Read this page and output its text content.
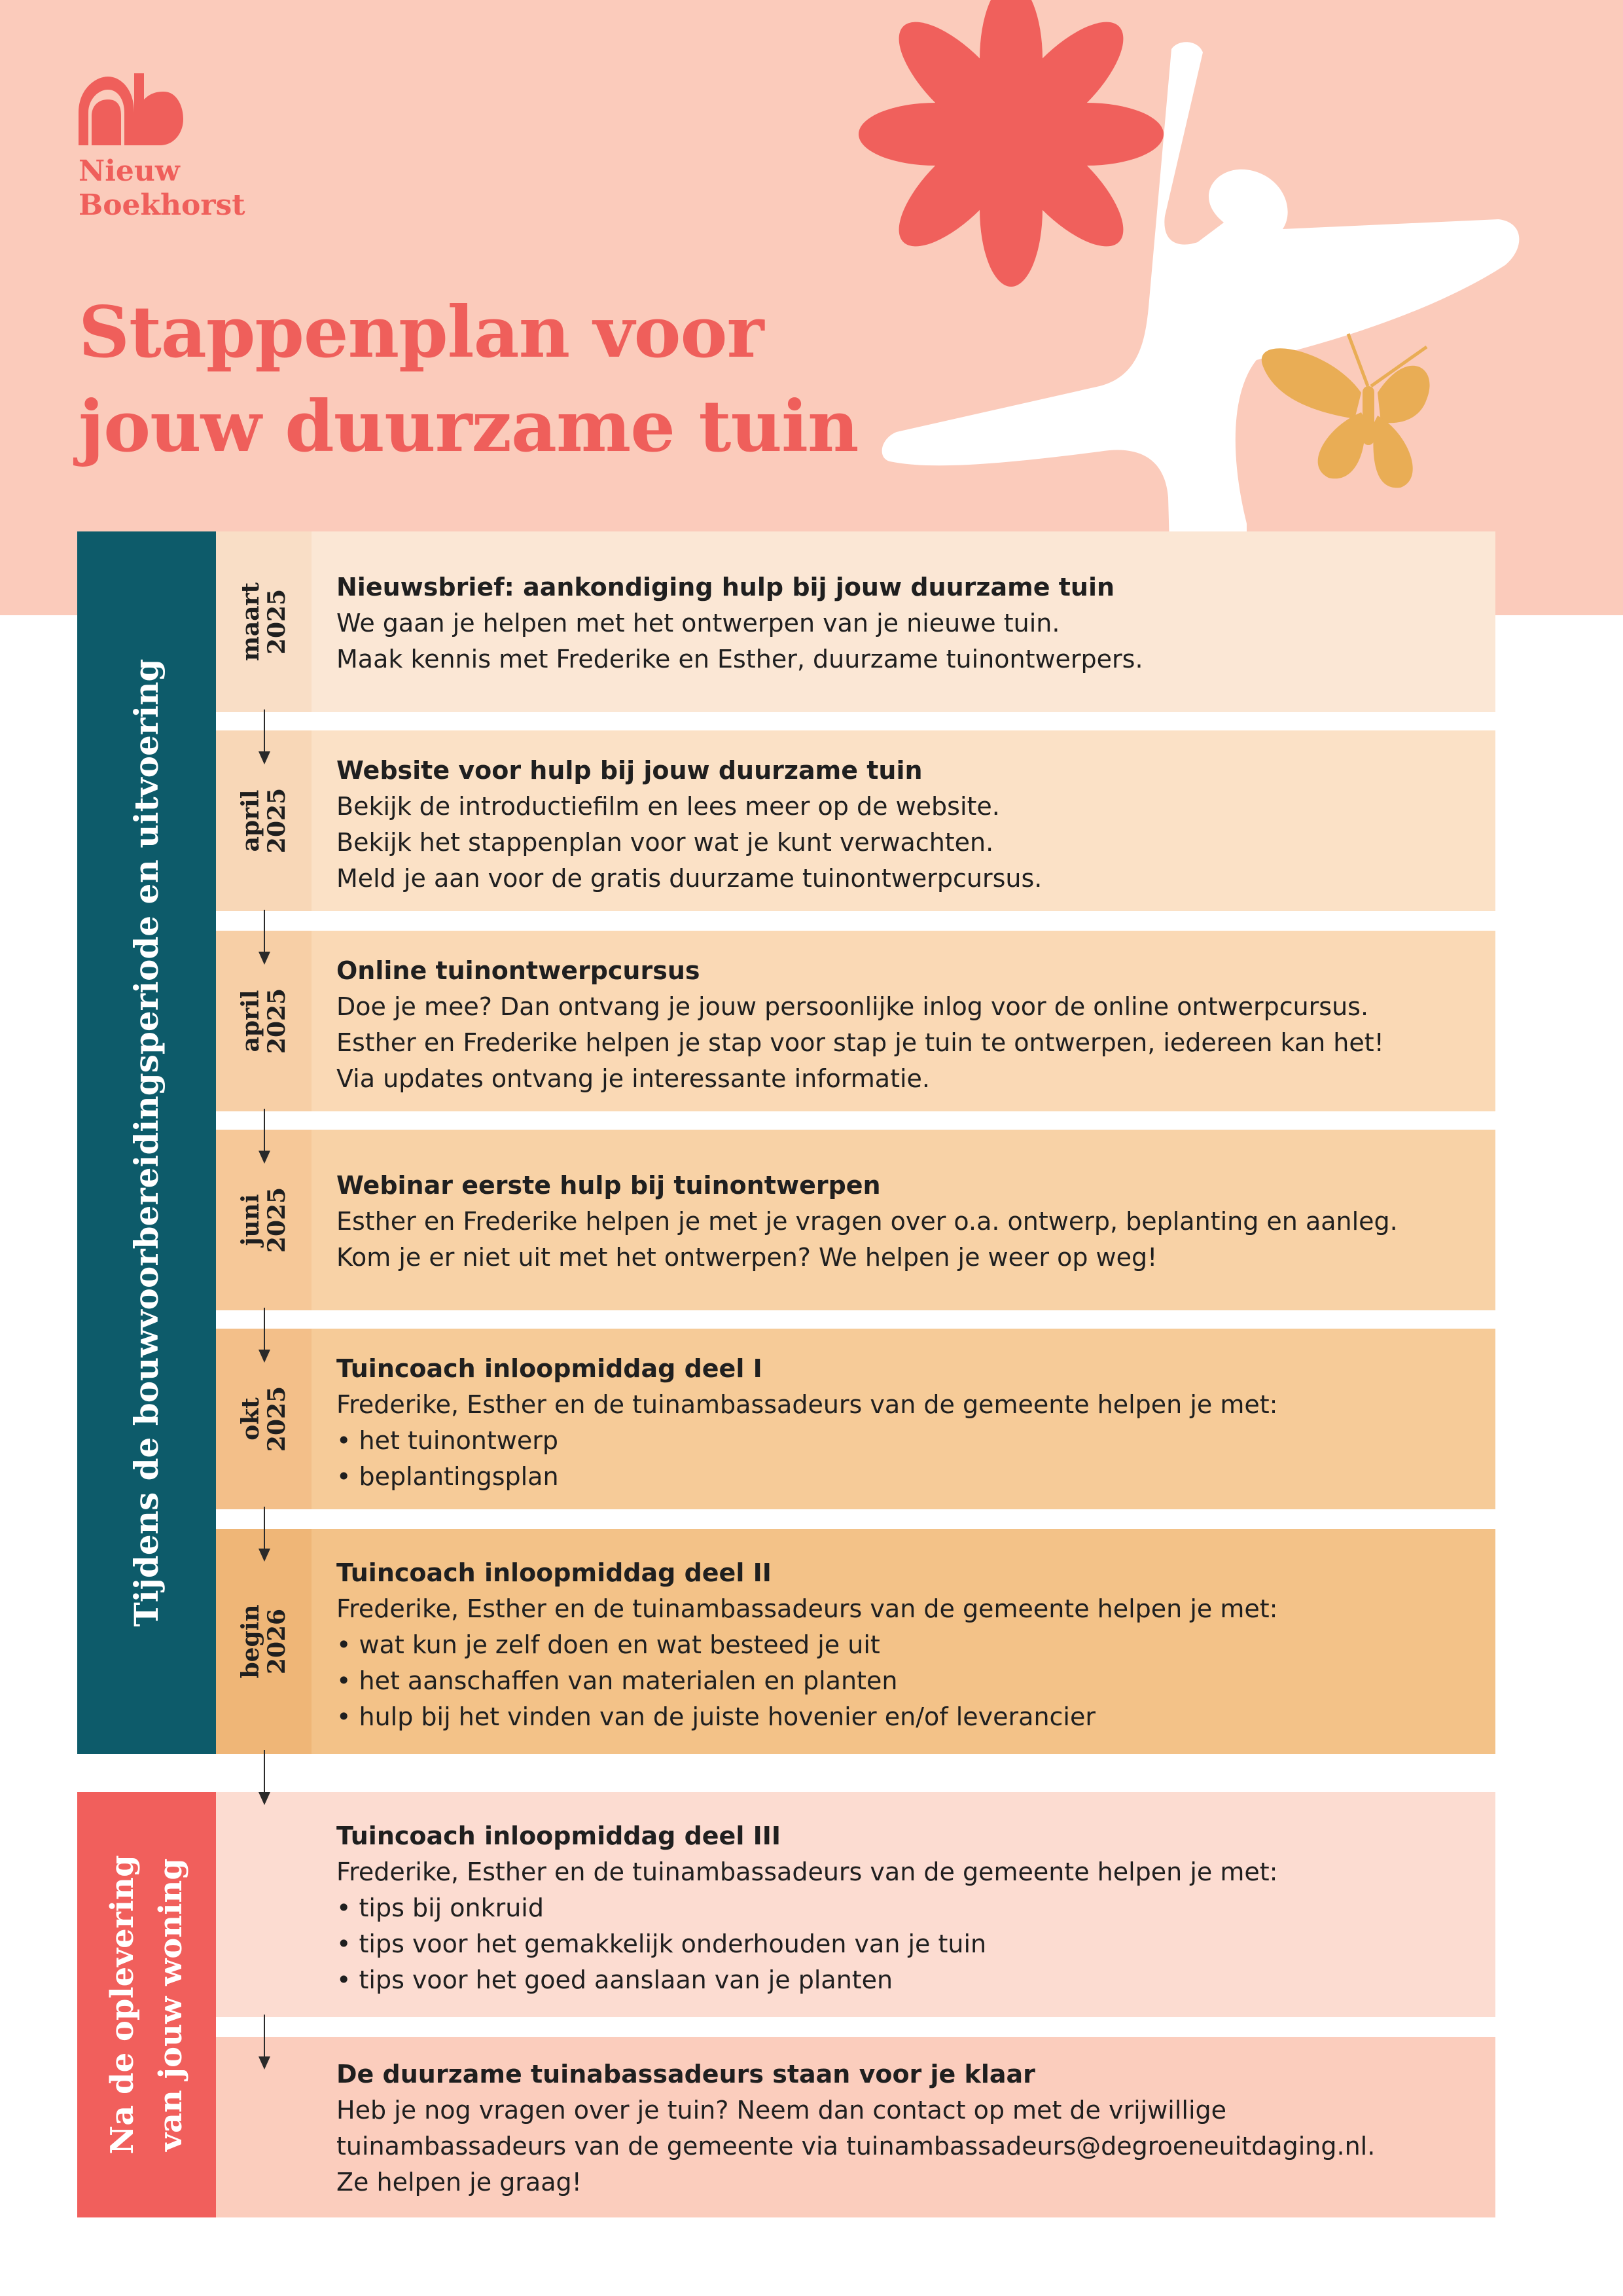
Nieuw
Boekhorst
Stappenplan voor
jouw duurzame tuin
Tijdens de bouwvoorbereidingsperiode en uitvoering
Na de oplevering van jouw woning
maart
2025
Nieuwsbrief: aankondiging hulp bij jouw duurzame tuin
We gaan je helpen met het ontwerpen van je nieuwe tuin.
Maak kennis met Frederike en Esther, duurzame tuinontwerpers.
april
2025
Website voor hulp bij jouw duurzame tuin
Bekijk de introductiefilm en lees meer op de website.
Bekijk het stappenplan voor wat je kunt verwachten.
Meld je aan voor de gratis duurzame tuinontwerpcursus.
april
2025
Online tuinontwerpcursus
Doe je mee? Dan ontvang je jouw persoonlijke inlog voor de online ontwerpcursus.
Esther en Frederike helpen je stap voor stap je tuin te ontwerpen, iedereen kan het!
Via updates ontvang je interessante informatie.
juni
2025
Webinar eerste hulp bij tuinontwerpen
Esther en Frederike helpen je met je vragen over o.a. ontwerp, beplanting en aanleg.
Kom je er niet uit met het ontwerpen? We helpen je weer op weg!
okt
2025
Tuincoach inloopmiddag deel I
Frederike, Esther en de tuinambassadeurs van de gemeente helpen je met:
• het tuinontwerp
• beplantingsplan
begin
2026
Tuincoach inloopmiddag deel II
Frederike, Esther en de tuinambassadeurs van de gemeente helpen je met:
• wat kun je zelf doen en wat besteed je uit
• het aanschaffen van materialen en planten
• hulp bij het vinden van de juiste hovenier en/of leverancier
Tuincoach inloopmiddag deel III
Frederike, Esther en de tuinambassadeurs van de gemeente helpen je met:
• tips bij onkruid
• tips voor het gemakkelijk onderhouden van je tuin
• tips voor het goed aanslaan van je planten
De duurzame tuinabassadeurs staan voor je klaar
Heb je nog vragen over je tuin? Neem dan contact op met de vrijwillige
tuinambassadeurs van de gemeente via tuinambassadeurs@degroeneuitdaging.nl.
Ze helpen je graag!
